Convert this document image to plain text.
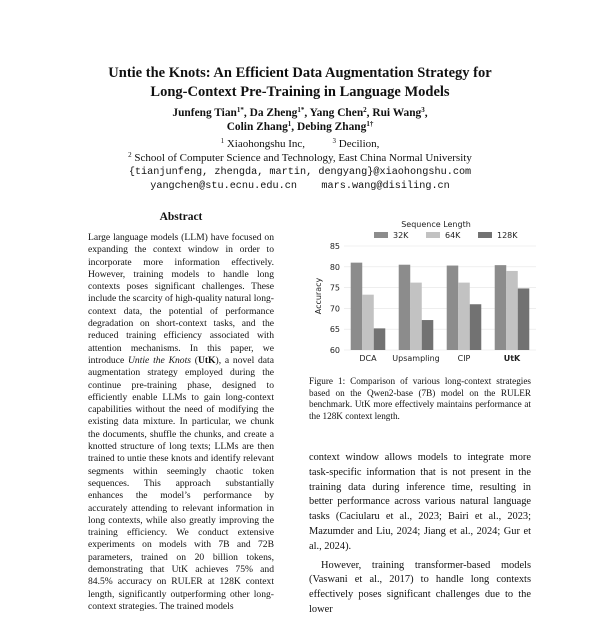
Untie the Knots: An Efficient Data Augmentation Strategy for
Long-Context Pre-Training in Language Models
Junfeng Tian$^{1*}$, Da Zheng$^{1*}$, Yang Chen$^2$, Rui Wang$^3$,
Colin Zhang$^1$, Debing Zhang$^{1\dagger}$
$^1$ Xiaohongshu Inc,	$^3$ Decilion,
$^2$ School of Computer Science and Technology, East China Normal University
{tianjunfeng, zhengda, martin, dengyang}@xiaohongshu.com
yangchen@stu.ecnu.edu.cn    mars.wang@disiling.cn
Abstract
Large language models (LLM) have focused on expanding the context window in order to incorporate more information effectively. However, training models to handle long contexts poses significant challenges. These include the scarcity of high-quality natural long-context data, the potential of performance degradation on short-context tasks, and the reduced training efficiency associated with attention mechanisms. In this paper, we introduce Untie the Knots (UtK), a novel data augmentation strategy employed during the continue pre-training phase, designed to efficiently enable LLMs to gain long-context capabilities without the need of modifying the existing data mixture. In particular, we chunk the documents, shuffle the chunks, and create a knotted structure of long texts; LLMs are then trained to untie these knots and identify relevant segments within seemingly chaotic token sequences. This approach substantially enhances the model’s performance by accurately attending to relevant information in long contexts, while also greatly improving the training efficiency. We conduct extensive experiments on models with 7B and 72B parameters, trained on 20 billion tokens, demonstrating that UtK achieves 75% and 84.5% accuracy on RULER at 128K context length, significantly outperforming other long-context strategies. The trained models
Sequence Length
32K	64K	128K
Accuracy
60
65
70
75
80
85
DCA Upsampling CIP	UtK
Figure 1: Comparison of various long-context strategies based on the Qwen2-base (7B) model on the RULER benchmark. UtK more effectively maintains performance at the 128K context length.

context window allows models to integrate more task-specific information that is not present in the training data during inference time, resulting in better performance across various natural language tasks (Caciularu et al., 2023; Bairi et al., 2023; Mazumder and Liu, 2024; Jiang et al., 2024; Gur et al., 2024).

However, training transformer-based models (Vaswani et al., 2017) to handle long contexts effectively poses significant challenges due to the lower
